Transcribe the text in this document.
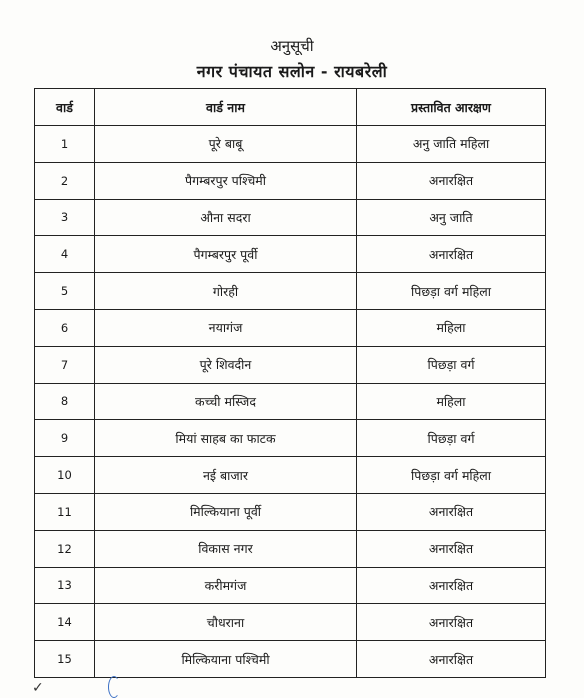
अनुसूची
नगर पंचायत सलोन - रायबरेली
वार्ड	वार्ड नाम	प्रस्तावित आरक्षण
1	पूरे बाबू	अनु जाति महिला
2	पैगम्बरपुर पश्चिमी	अनारक्षित
3	औना सदरा	अनु जाति
4	पैगम्बरपुर पूर्वी	अनारक्षित
5	गोरही	पिछड़ा वर्ग महिला
6	नयागंज	महिला
7	पूरे शिवदीन	पिछड़ा वर्ग
8	कच्ची मस्जिद	महिला
9	मियां साहब का फाटक	पिछड़ा वर्ग
10	नई बाजार	पिछड़ा वर्ग महिला
11	मिल्कियाना पूर्वी	अनारक्षित
12	विकास नगर	अनारक्षित
13	करीमगंज	अनारक्षित
14	चौधराना	अनारक्षित
15	मिल्कियाना पश्चिमी	अनारक्षित
✓
